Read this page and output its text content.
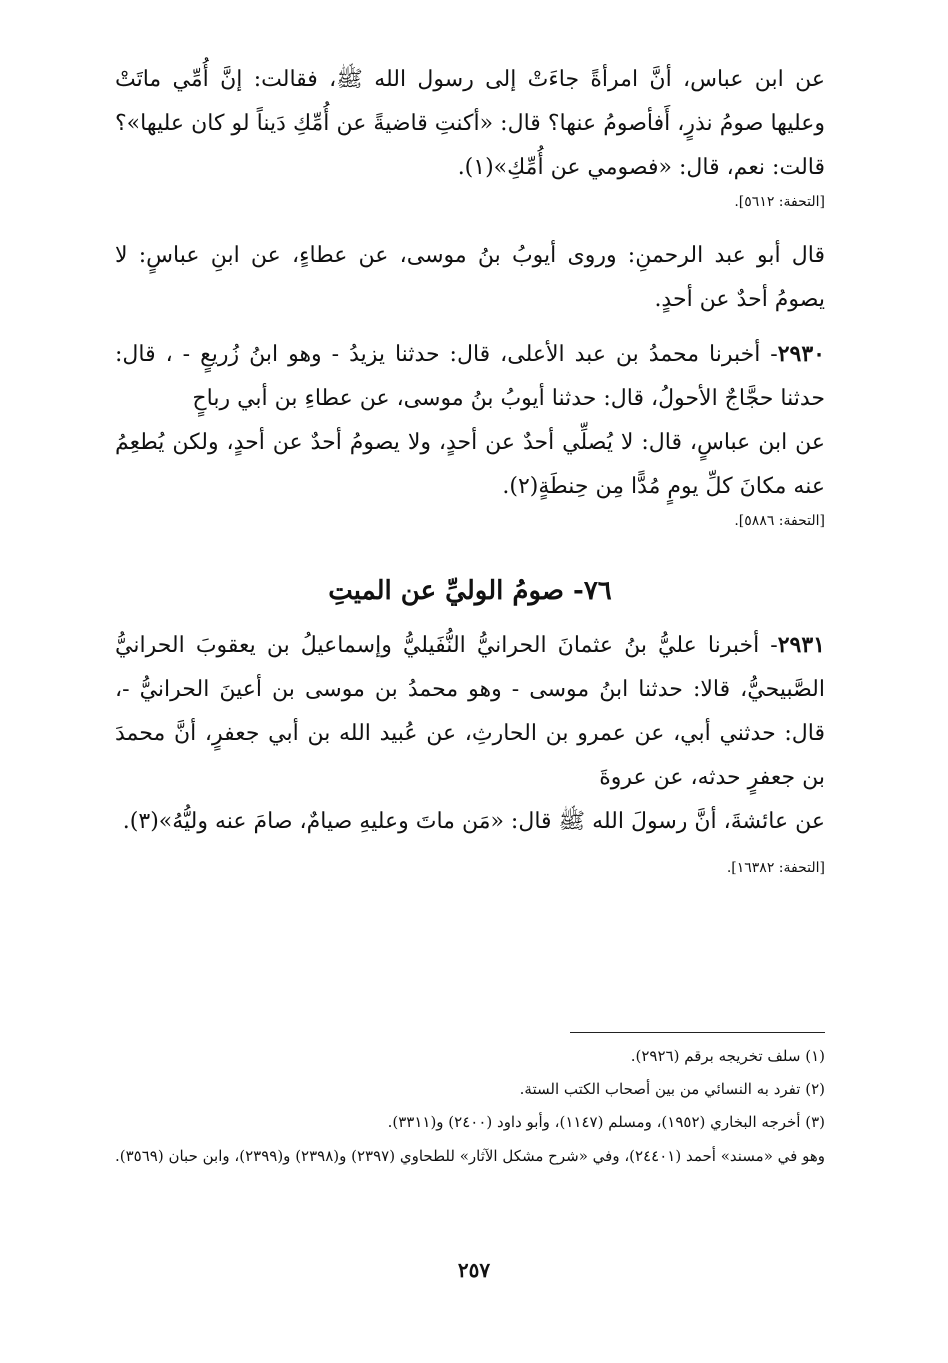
عن ابن عباس، أنَّ امرأةً جاءَتْ إلى رسول الله ﷺ، فقالت: إنَّ أُمِّي ماتَتْ وعليها صومُ نذرٍ، أَفأصومُ عنها؟ قال: «أكنتِ قاضيةً عن أُمِّكِ دَيناً لو كان عليها»؟ قالت: نعم، قال: «فصومي عن أُمِّكِ»(١).

[التحفة: ٥٦١٢].

قال أبو عبد الرحمنِ: وروى أيوبُ بنُ موسى، عن عطاءٍ، عن ابنِ عباسٍ: لا يصومُ أحدٌ عن أحدٍ.

٢٩٣٠- أخبرنا محمدُ بن عبد الأعلى، قال: حدثنا يزيدُ - وهو ابنُ زُريعٍ - ، قال: حدثنا حجَّاجٌ الأحولُ، قال: حدثنا أيوبُ بنُ موسى، عن عطاءِ بن أبي رباحٍ

عن ابن عباسٍ، قال: لا يُصلِّي أحدٌ عن أحدٍ، ولا يصومُ أحدٌ عن أحدٍ، ولكن يُطعِمُ عنه مكانَ كلِّ يومٍ مُدًّا مِن حِنطَةٍ(٢).

[التحفة: ٥٨٨٦].

٧٦- صومُ الوليِّ عن الميتِ

٢٩٣١- أخبرنا عليُّ بنُ عثمانَ الحرانيُّ النُّفَيليُّ وإسماعيلُ بن يعقوبَ الحرانيُّ الصَّبيحيُّ، قالا: حدثنا ابنُ موسى - وهو محمدُ بن موسى بن أعينَ الحرانيُّ -، قال: حدثني أبي، عن عمرو بن الحارثِ، عن عُبيد الله بن أبي جعفرٍ، أنَّ محمدَ بن جعفرٍ حدثه، عن عروةَ

عن عائشةَ، أنَّ رسولَ الله ﷺ قال: «مَن ماتَ وعليهِ صيامٌ، صامَ عنه وليُّهُ»(٣).

[التحفة: ١٦٣٨٢].

(١) سلف تخريجه برقم (٢٩٢٦).

(٢) تفرد به النسائي من بين أصحاب الكتب الستة.

(٣) أخرجه البخاري (١٩٥٢)، ومسلم (١١٤٧)، وأبو داود (٢٤٠٠) و(٣٣١١).

وهو في «مسند» أحمد (٢٤٤٠١)، وفي «شرح مشكل الآثار» للطحاوي (٢٣٩٧) و(٢٣٩٨) و(٢٣٩٩)، وابن حبان (٣٥٦٩).

٢٥٧
